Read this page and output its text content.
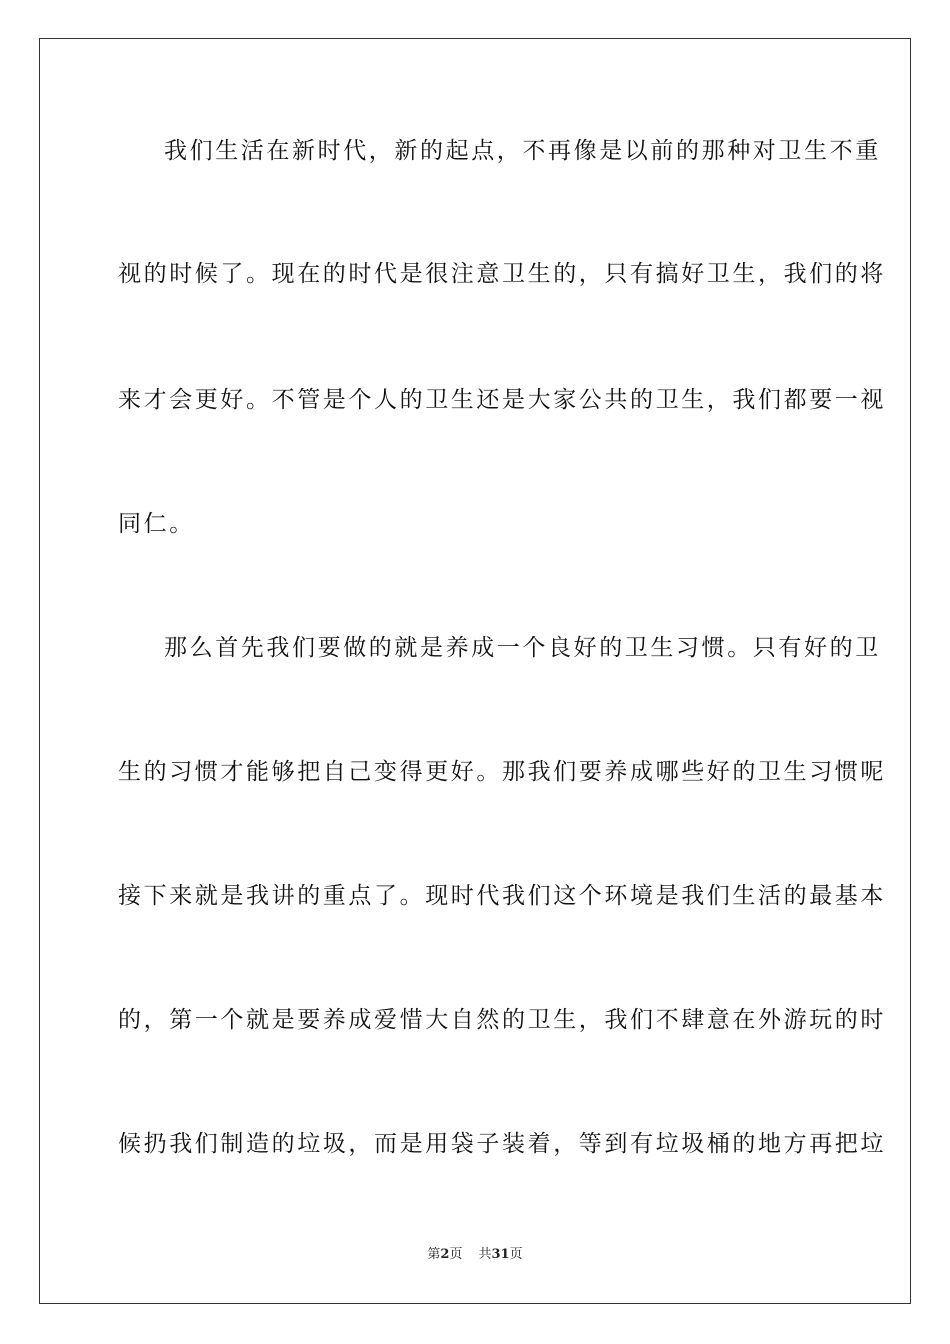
我们生活在新时代，新的起点，不再像是以前的那种对卫生不重
视的时候了。现在的时代是很注意卫生的，只有搞好卫生，我们的将
来才会更好。不管是个人的卫生还是大家公共的卫生，我们都要一视
同仁。
那么首先我们要做的就是养成一个良好的卫生习惯。只有好的卫
生的习惯才能够把自己变得更好。那我们要养成哪些好的卫生习惯呢
接下来就是我讲的重点了。现时代我们这个环境是我们生活的最基本
的，第一个就是要养成爱惜大自然的卫生，我们不肆意在外游玩的时
候扔我们制造的垃圾，而是用袋子装着，等到有垃圾桶的地方再把垃
第2页 共31页
